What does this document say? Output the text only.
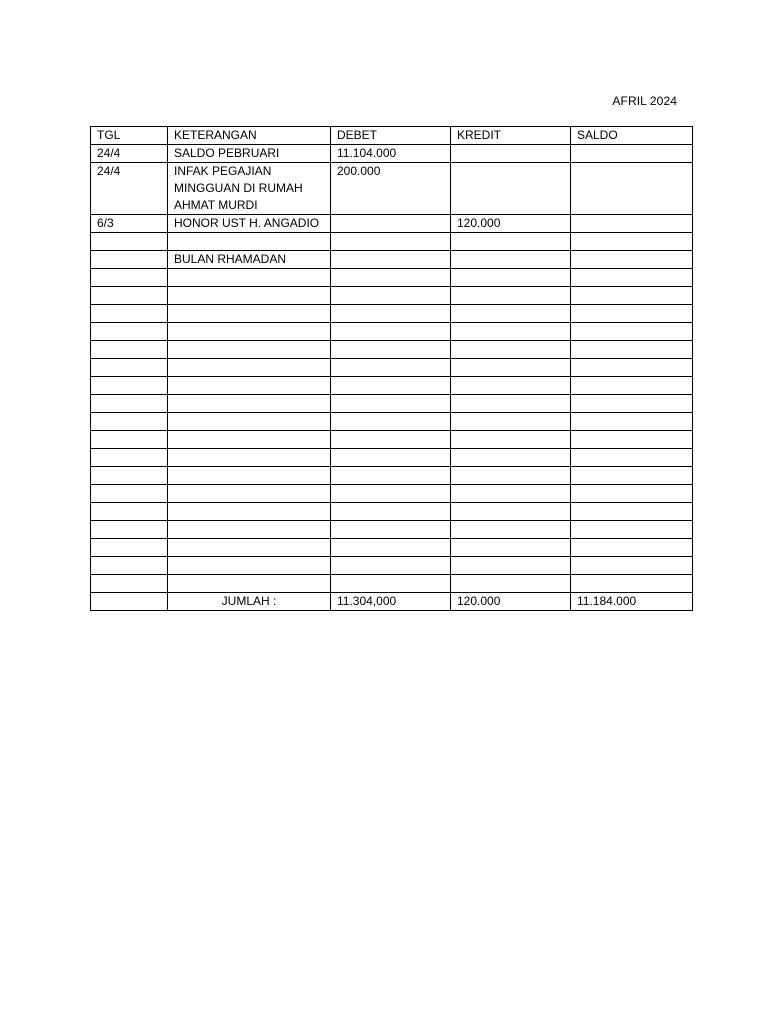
AFRIL 2024
TGL	KETERANGAN	DEBET	KREDIT	SALDO
24/4	SALDO PEBRUARI	11.104.000		
24/4	INFAK PEGAJIAN MINGGUAN DI RUMAH AHMAT MURDI	200.000		
6/3	HONOR UST H. ANGADIO		120.000	

	BULAN RHAMADAN			

	JUMLAH :	11.304,000	120.000	11.184.000
